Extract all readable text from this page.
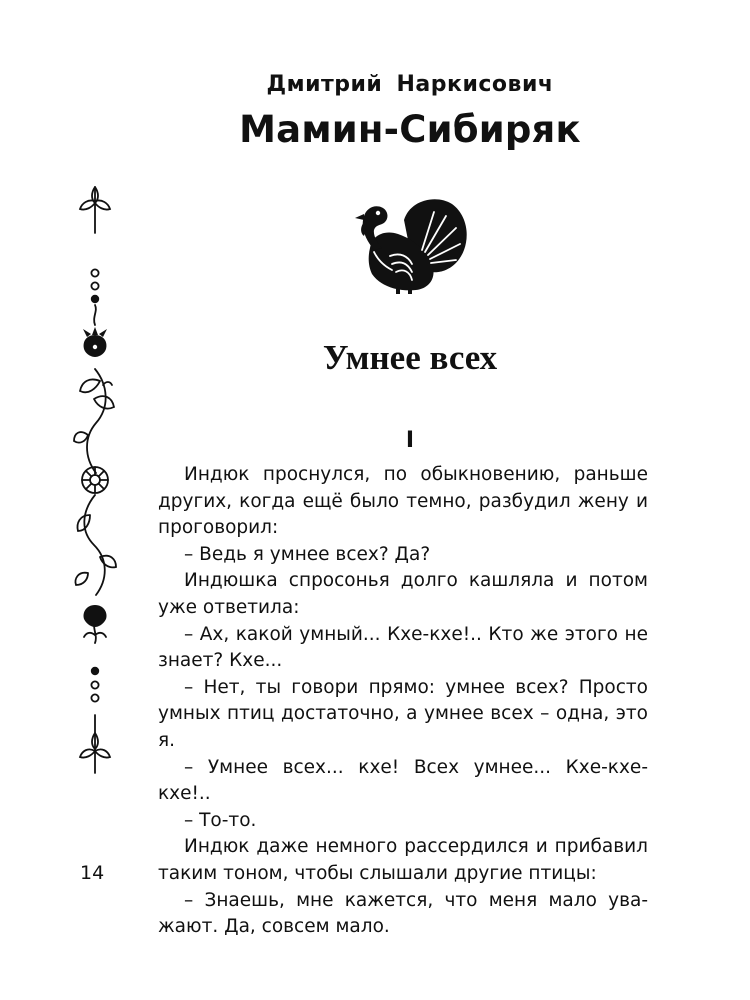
Дмитрий Наркисович
Мамин-Сибиряк
Умнее всех
I

Индюк проснулся, по обыкновению, раньше других, когда ещё было темно, разбудил жену и проговорил:

– Ведь я умнее всех? Да?

Индюшка спросонья долго кашляла и потом уже ответила:

– Ах, какой умный... Кхе-кхе!.. Кто же этого не знает? Кхе...

– Нет, ты говори прямо: умнее всех? Просто умных птиц достаточно, а умнее всех – одна, это я.

– Умнее всех... кхе! Всех умнее... Кхе-кхе-кхе!..

– То-то.

Индюк даже немного рассердился и прибавил таким тоном, чтобы слышали другие птицы:

– Знаешь, мне кажется, что меня мало уважают. Да, совсем мало.

14
